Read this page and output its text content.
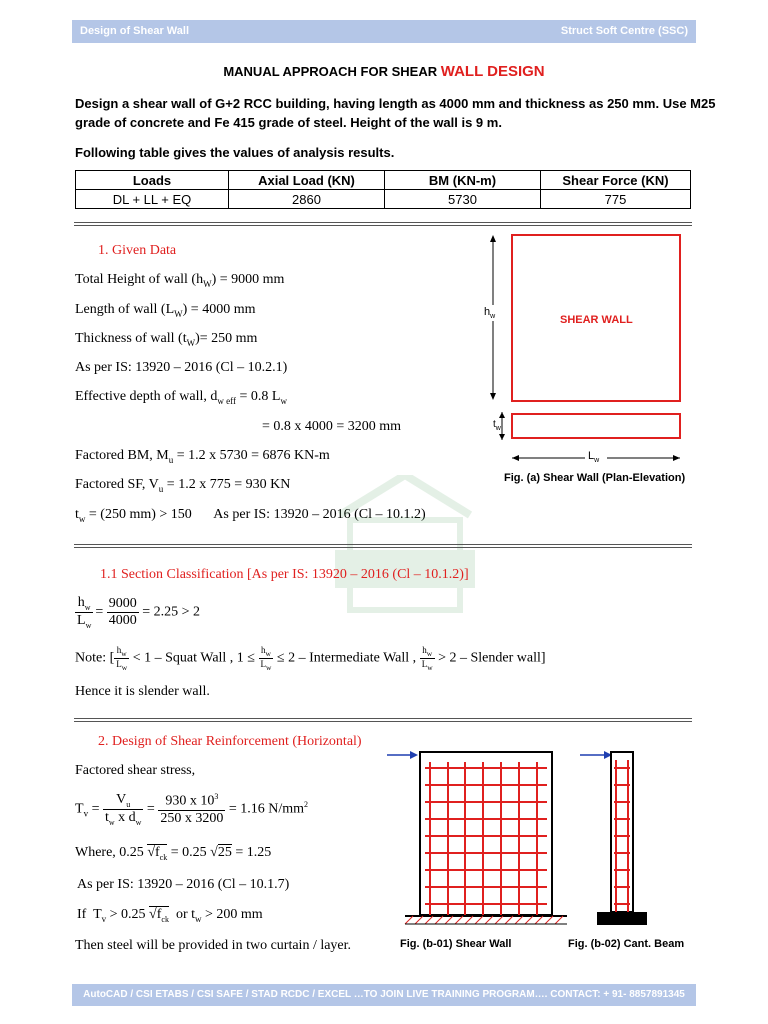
Design of Shear Wall	Struct Soft Centre (SSC)
MANUAL APPROACH FOR SHEAR WALL DESIGN
Design a shear wall of G+2 RCC building, having length as 4000 mm and thickness as 250 mm. Use M25
grade of concrete and Fe 415 grade of steel. Height of the wall is 9 m.
Following table gives the values of analysis results.
Loads	Axial Load (KN)	BM (KN-m)	Shear Force (KN)
DL + LL + EQ	2860	5730	775
1. Given Data
Total Height of wall $(h_W) = 9000$ mm
Length of wall $(L_W) = 4000$ mm
Thickness of wall $(t_W)= 250$ mm
As per IS: 13920 – 2016 (Cl – 10.2.1)
Effective depth of wall, $d_{w eff} = 0.8$ $L_w$
= 0.8 x 4000 = 3200 mm
Factored BM, $M_u = 1.2$ x 5730 = 6876 KN-m
Factored SF, $V_u = 1.2$ x 775 = 930 KN
$t_w = (250$ mm) > 150 As per IS: 13920 – 2016 (Cl – 10.1.2)
$h_w$	SHEAR WALL
$t_w$
$L_w$
Fig. (a) Shear Wall (Plan-Elevation)
1.1 Section Classification [As per IS: 13920 – 2016 (Cl – 10.1.2)]
$\frac{h_w}{L_w} = \frac{9000}{4000} = 2.25 > 2$
Note: [ $\frac{h_w}{L_w} < 1$ – Squat Wall , $1 \le \frac{h_w}{L_w} \le 2$ – Intermediate Wall , $\frac{h_w}{L_w} > 2$ – Slender wall]
Hence it is slender wall.
2. Design of Shear Reinforcement (Horizontal)
Factored shear stress,
$T_v = \frac{V_u}{t_w x d_w} = \frac{930 x 10^3}{250 x 3200} = 1.16$ $N/mm^2$
Where, 0.25 $√f_{ck} = 0.25$ √25 = 1.25
As per IS: 13920 – 2016 (Cl – 10.1.7)
If  $T_v > 0.25$ $√f_{ck}$ or $t_w > 200$ mm
Then steel will be provided in two curtain / layer.	Fig. (b-01) Shear Wall	Fig. (b-02) Cant. Beam
AutoCAD / CSI ETABS / CSI SAFE / STAD RCDC / EXCEL …TO JOIN LIVE TRAINING PROGRAM…. CONTACT: + 91- 8857891345
